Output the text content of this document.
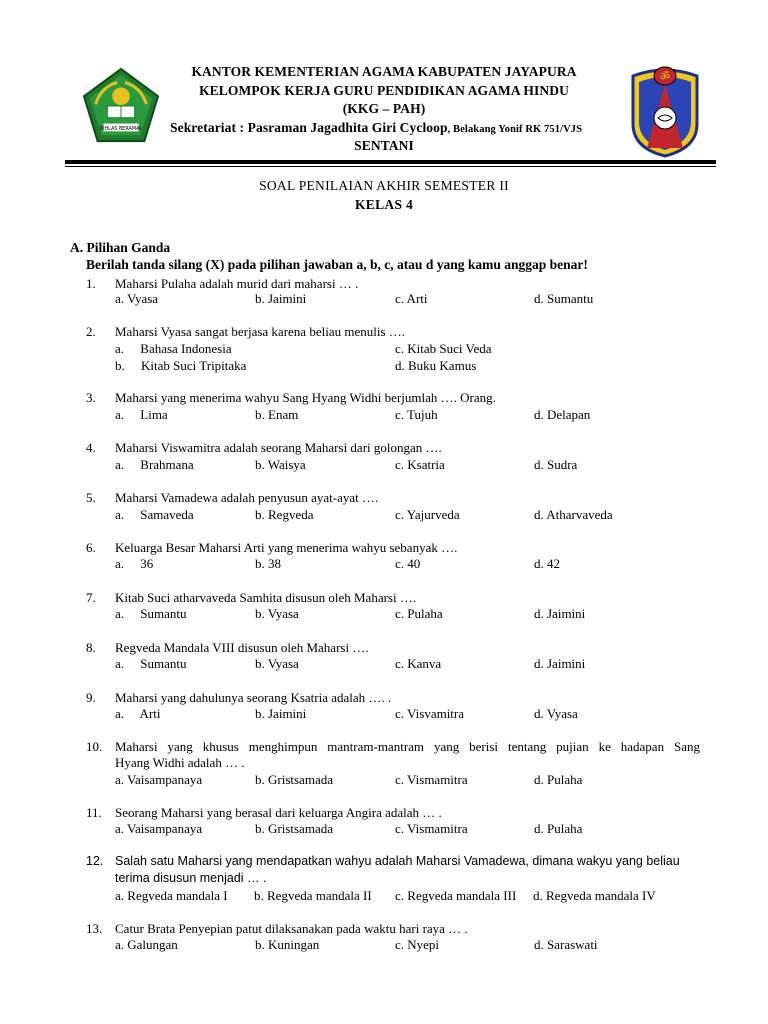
IKHLAS BERAMAL
KANTOR KEMENTERIAN AGAMA KABUPATEN JAYAPURA
KELOMPOK KERJA GURU PENDIDIKAN AGAMA HINDU
(KKG – PAH)
Sekretariat : Pasraman Jagadhita Giri Cycloop, Belakang Yonif RK 751/VJS
SENTANI
ॐ
SOAL PENILAIAN AKHIR SEMESTER II
KELAS 4
A. Pilihan Ganda
Berilah tanda silang (X) pada pilihan jawaban a, b, c, atau d yang kamu anggap benar!
1.	Maharsi Pulaha adalah murid dari maharsi … .
a. Vyasa	b. Jaimini	c. Arti	d. Sumantu
2.	Maharsi Vyasa sangat berjasa karena beliau menulis ….
a.     Bahasa Indonesia	c. Kitab Suci Veda
b.     Kitab Suci Tripitaka	d. Buku Kamus
3.	Maharsi yang menerima wahyu Sang Hyang Widhi berjumlah …. Orang.
a.     Lima	b. Enam	c. Tujuh	d. Delapan
4.	Maharsi Viswamitra adalah seorang Maharsi dari golongan ….
a.     Brahmana	b. Waisya	c. Ksatria	d. Sudra
5.	Maharsi Vamadewa adalah penyusun ayat-ayat ….
a.     Samaveda	b. Regveda	c. Yajurveda	d. Atharvaveda
6.	Keluarga Besar Maharsi Arti yang menerima wahyu sebanyak ….
a.     36	b. 38	c. 40	d. 42
7.	Kitab Suci atharvaveda Samhita disusun oleh Maharsi ….
a.     Sumantu	b. Vyasa	c. Pulaha	d. Jaimini
8.	Regveda Mandala VIII disusun oleh Maharsi ….
a.     Sumantu	b. Vyasa	c. Kanva	d. Jaimini
9.	Maharsi yang dahulunya seorang Ksatria adalah …. .
a.     Arti	b. Jaimini	c. Visvamitra	d. Vyasa
10. Maharsi yang khusus menghimpun mantram-mantram yang berisi tentang pujian ke hadapan Sang
Hyang Widhi adalah … .
a. Vaisampanaya	b. Gristsamada	c. Vismamitra	d. Pulaha
11.	Seorang Maharsi yang berasal dari keluarga Angira adalah … .
a. Vaisampanaya	b. Gristsamada	c. Vismamitra	d. Pulaha
12. Salah satu Maharsi yang mendapatkan wahyu adalah Maharsi Vamadewa, dimana wakyu yang beliau
terima disusun menjadi … .
a. Regveda mandala I b. Regveda mandala II c. Regveda mandala III d. Regveda mandala IV
13. Catur Brata Penyepian patut dilaksanakan pada waktu hari raya … .
a. Galungan	b. Kuningan	c. Nyepi	d. Saraswati
